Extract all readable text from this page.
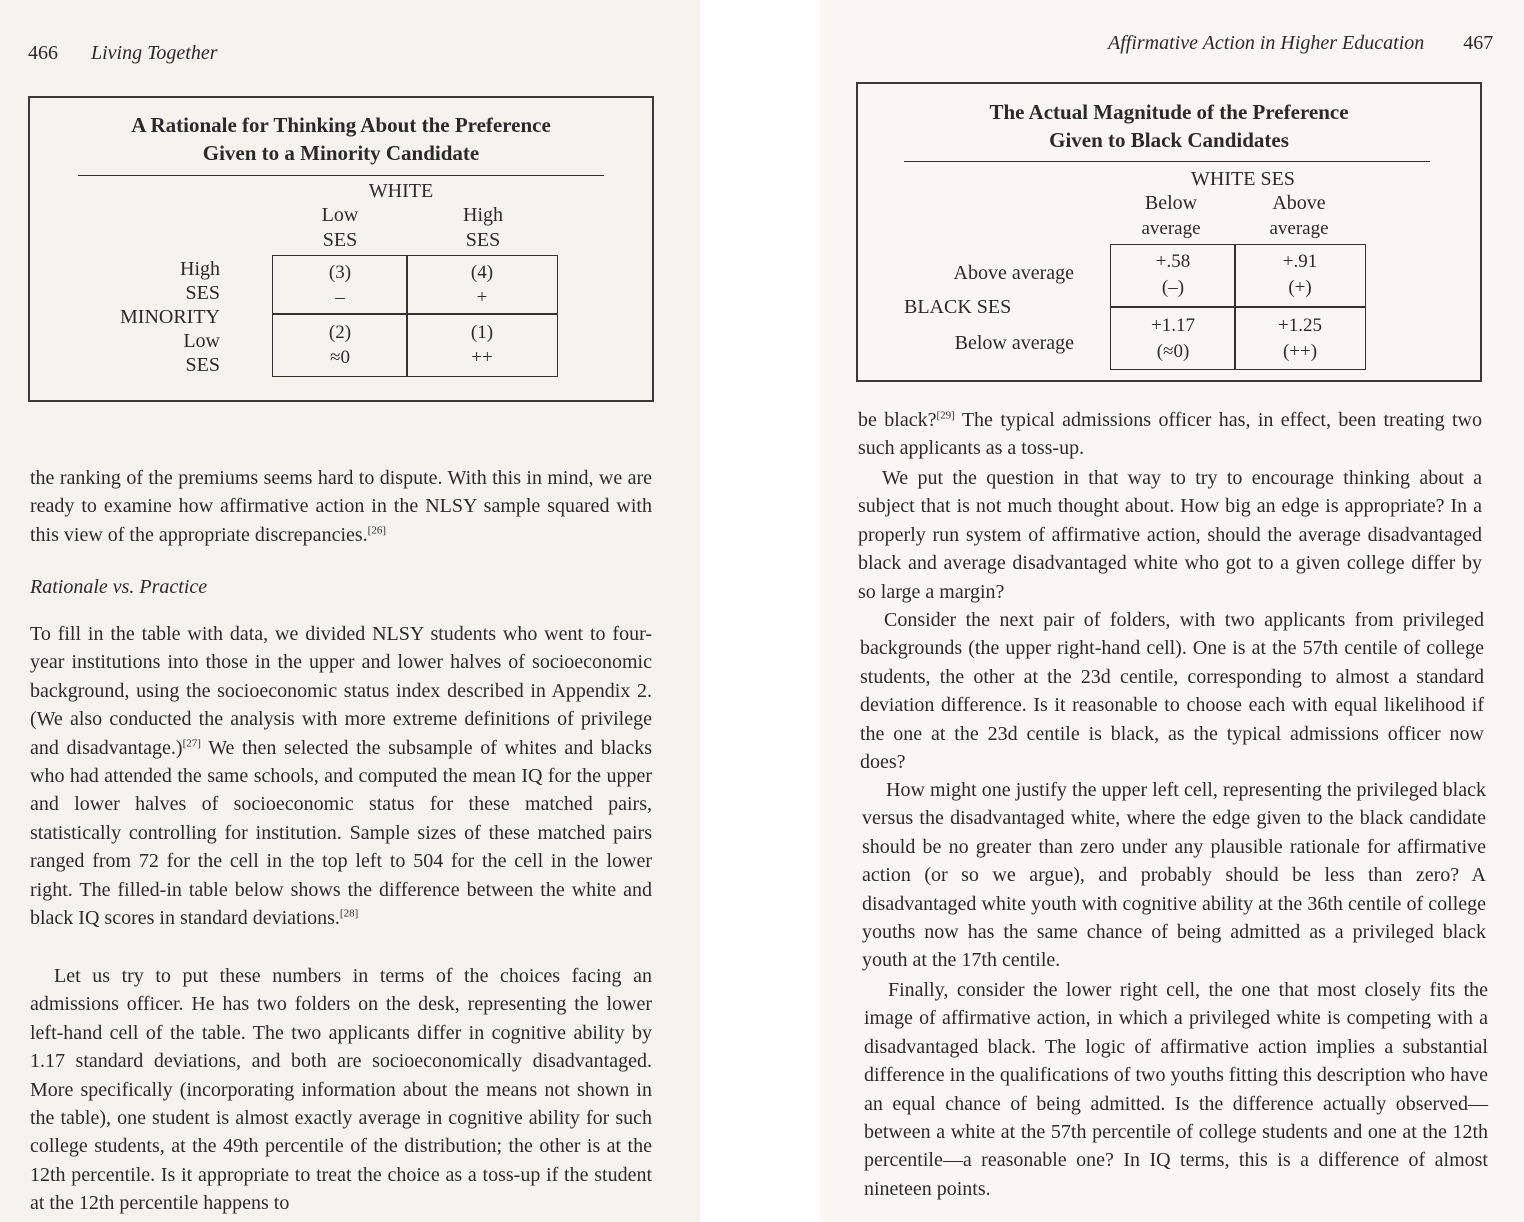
466 Living Together
A Rationale for Thinking About the Preference
Given to a Minority Candidate
WHITE
Low
SES
High
SES
High
SES
MINORITY
Low
SES
(3)
–
(4)
+
(2)
≈0
(1)
++

the ranking of the premiums seems hard to dispute. With this in mind, we are ready to examine how affirmative action in the NLSY sample squared with this view of the appropriate discrepancies.[26]

Rationale vs. Practice

To fill in the table with data, we divided NLSY students who went to four-year institutions into those in the upper and lower halves of socioeconomic background, using the socioeconomic status index described in Appendix 2. (We also conducted the analysis with more extreme definitions of privilege and disadvantage.)[27] We then selected the subsample of whites and blacks who had attended the same schools, and computed the mean IQ for the upper and lower halves of socioeconomic status for these matched pairs, statistically controlling for institution. Sample sizes of these matched pairs ranged from 72 for the cell in the top left to 504 for the cell in the lower right. The filled-in table below shows the difference between the white and black IQ scores in standard deviations.[28]

Let us try to put these numbers in terms of the choices facing an admissions officer. He has two folders on the desk, representing the lower left-hand cell of the table. The two applicants differ in cognitive ability by 1.17 standard deviations, and both are socioeconomically disadvantaged. More specifically (incorporating information about the means not shown in the table), one student is almost exactly average in cognitive ability for such college students, at the 49th percentile of the distribution; the other is at the 12th percentile. Is it appropriate to treat the choice as a toss-up if the student at the 12th percentile happens to

Affirmative Action in Higher Education 467
The Actual Magnitude of the Preference
Given to Black Candidates
WHITE SES
Below
average
Above
average
Above average
BLACK SES
Below average
+.58
(–)
+.91
(+)
+1.17
(≈0)
+1.25
(++)

be black?[29] The typical admissions officer has, in effect, been treating two such applicants as a toss-up.

We put the question in that way to try to encourage thinking about a subject that is not much thought about. How big an edge is appropriate? In a properly run system of affirmative action, should the average disadvantaged black and average disadvantaged white who got to a given college differ by so large a margin?

Consider the next pair of folders, with two applicants from privileged backgrounds (the upper right-hand cell). One is at the 57th centile of college students, the other at the 23d centile, corresponding to almost a standard deviation difference. Is it reasonable to choose each with equal likelihood if the one at the 23d centile is black, as the typical admissions officer now does?

How might one justify the upper left cell, representing the privileged black versus the disadvantaged white, where the edge given to the black candidate should be no greater than zero under any plausible rationale for affirmative action (or so we argue), and probably should be less than zero? A disadvantaged white youth with cognitive ability at the 36th centile of college youths now has the same chance of being admitted as a privileged black youth at the 17th centile.

Finally, consider the lower right cell, the one that most closely fits the image of affirmative action, in which a privileged white is competing with a disadvantaged black. The logic of affirmative action implies a substantial difference in the qualifications of two youths fitting this description who have an equal chance of being admitted. Is the difference actually observed—between a white at the 57th percentile of college students and one at the 12th percentile—a reasonable one? In IQ terms, this is a difference of almost nineteen points.
